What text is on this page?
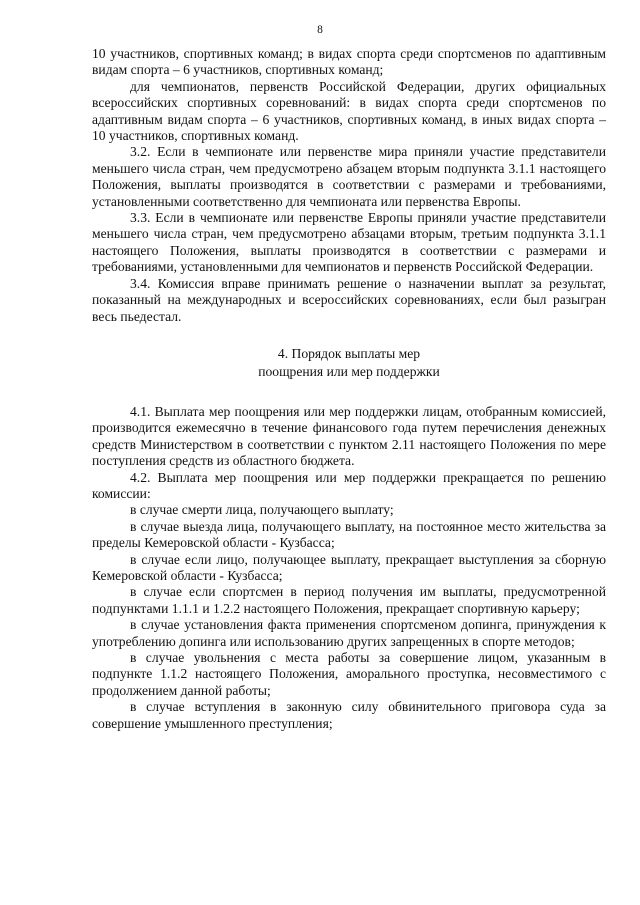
8

10 участников, спортивных команд; в видах спорта среди спортсменов по адаптивным видам спорта – 6 участников, спортивных команд;

для чемпионатов, первенств Российской Федерации, других официальных всероссийских спортивных соревнований: в видах спорта среди спортсменов по адаптивным видам спорта – 6 участников, спортивных команд, в иных видах спорта – 10 участников, спортивных команд.

3.2. Если в чемпионате или первенстве мира приняли участие представители меньшего числа стран, чем предусмотрено абзацем вторым подпункта 3.1.1 настоящего Положения, выплаты производятся в соответствии с размерами и требованиями, установленными соответственно для чемпионата или первенства Европы.

3.3. Если в чемпионате или первенстве Европы приняли участие представители меньшего числа стран, чем предусмотрено абзацами вторым, третьим подпункта 3.1.1 настоящего Положения, выплаты производятся в соответствии с размерами и требованиями, установленными для чемпионатов и первенств Российской Федерации.

3.4. Комиссия вправе принимать решение о назначении выплат за результат, показанный на международных и всероссийских соревнованиях, если был разыгран весь пьедестал.

4. Порядок выплаты мер
поощрения или мер поддержки

4.1. Выплата мер поощрения или мер поддержки лицам, отобранным комиссией, производится ежемесячно в течение финансового года путем перечисления денежных средств Министерством в соответствии с пунктом 2.11 настоящего Положения по мере поступления средств из областного бюджета.

4.2. Выплата мер поощрения или мер поддержки прекращается по решению комиссии:

в случае смерти лица, получающего выплату;

в случае выезда лица, получающего выплату, на постоянное место жительства за пределы Кемеровской области - Кузбасса;

в случае если лицо, получающее выплату, прекращает выступления за сборную Кемеровской области - Кузбасса;

в случае если спортсмен в период получения им выплаты, предусмотренной подпунктами 1.1.1 и 1.2.2 настоящего Положения, прекращает спортивную карьеру;

в случае установления факта применения спортсменом допинга, принуждения к употреблению допинга или использованию других запрещенных в спорте методов;

в случае увольнения с места работы за совершение лицом, указанным в подпункте 1.1.2 настоящего Положения, аморального проступка, несовместимого с продолжением данной работы;

в случае вступления в законную силу обвинительного приговора суда за совершение умышленного преступления;
